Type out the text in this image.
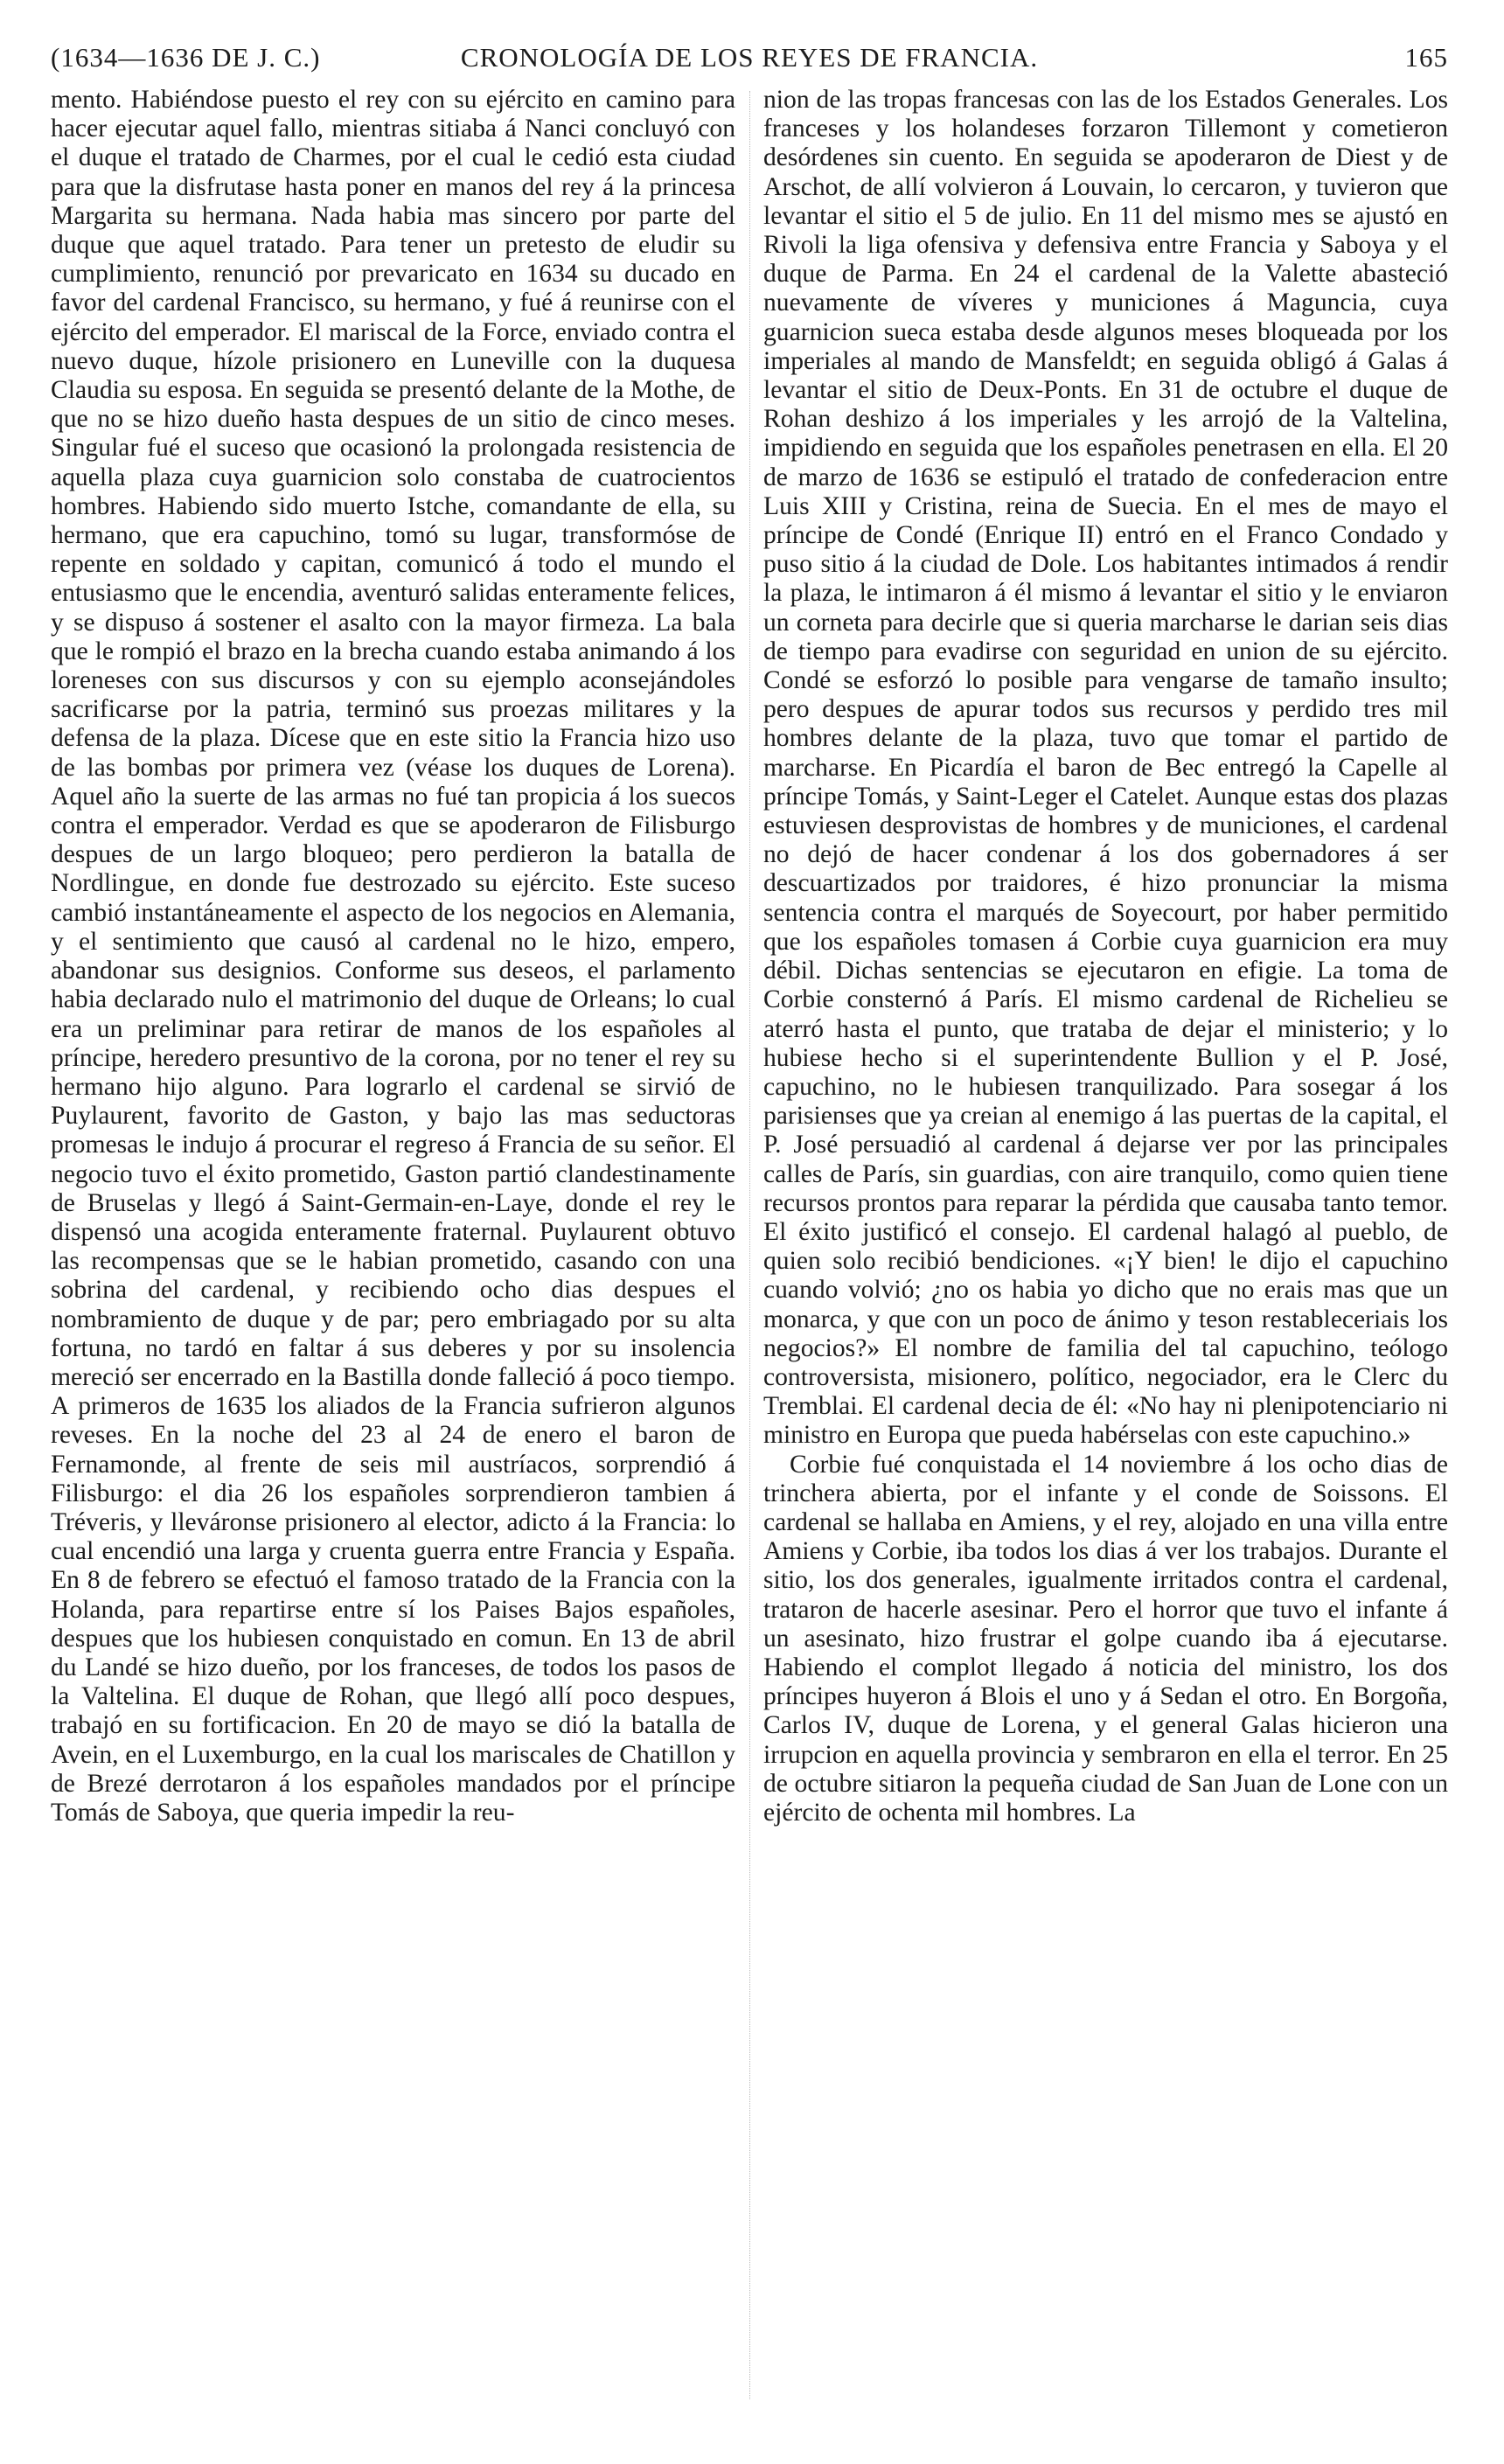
(1634—1636 DE J. C.)	CRONOLOGÍA DE LOS REYES DE FRANCIA.	165

mento. Habiéndose puesto el rey con su ejército en camino para hacer ejecutar aquel fallo, mientras sitiaba á Nanci concluyó con el duque el tratado de Charmes, por el cual le cedió esta ciudad para que la disfrutase hasta poner en manos del rey á la princesa Margarita su hermana. Nada habia mas sincero por parte del duque que aquel tratado. Para tener un pretesto de eludir su cumplimiento, renunció por prevaricato en 1634 su ducado en favor del cardenal Francisco, su hermano, y fué á reunirse con el ejército del emperador. El mariscal de la Force, enviado contra el nuevo duque, hízole prisionero en Luneville con la duquesa Claudia su esposa. En seguida se presentó delante de la Mothe, de que no se hizo dueño hasta despues de un sitio de cinco meses. Singular fué el suceso que ocasionó la prolongada resistencia de aquella plaza cuya guarnicion solo constaba de cuatrocientos hombres. Habiendo sido muerto Istche, comandante de ella, su hermano, que era capuchino, tomó su lugar, transformóse de repente en soldado y capitan, comunicó á todo el mundo el entusiasmo que le encendia, aventuró salidas enteramente felices, y se dispuso á sostener el asalto con la mayor firmeza. La bala que le rompió el brazo en la brecha cuando estaba animando á los loreneses con sus discursos y con su ejemplo aconsejándoles sacrificarse por la patria, terminó sus proezas militares y la defensa de la plaza. Dícese que en este sitio la Francia hizo uso de las bombas por primera vez (véase los duques de Lorena). Aquel año la suerte de las armas no fué tan propicia á los suecos contra el emperador. Verdad es que se apoderaron de Filisburgo despues de un largo bloqueo; pero perdieron la batalla de Nordlingue, en donde fue destrozado su ejército. Este suceso cambió instantáneamente el aspecto de los negocios en Alemania, y el sentimiento que causó al cardenal no le hizo, empero, abandonar sus designios. Conforme sus deseos, el parlamento habia declarado nulo el matrimonio del duque de Orleans; lo cual era un preliminar para retirar de manos de los españoles al príncipe, heredero presuntivo de la corona, por no tener el rey su hermano hijo alguno. Para lograrlo el cardenal se sirvió de Puylaurent, favorito de Gaston, y bajo las mas seductoras promesas le indujo á procurar el regreso á Francia de su señor. El negocio tuvo el éxito prometido, Gaston partió clandestinamente de Bruselas y llegó á Saint-Germain-en-Laye, donde el rey le dispensó una acogida enteramente fraternal. Puylaurent obtuvo las recompensas que se le habian prometido, casando con una sobrina del cardenal, y recibiendo ocho dias despues el nombramiento de duque y de par; pero embriagado por su alta fortuna, no tardó en faltar á sus deberes y por su insolencia mereció ser encerrado en la Bastilla donde falleció á poco tiempo. A primeros de 1635 los aliados de la Francia sufrieron algunos reveses. En la noche del 23 al 24 de enero el baron de Fernamonde, al frente de seis mil austríacos, sorprendió á Filisburgo: el dia 26 los españoles sorprendieron tambien á Tréveris, y lleváronse prisionero al elector, adicto á la Francia: lo cual encendió una larga y cruenta guerra entre Francia y España. En 8 de febrero se efectuó el famoso tratado de la Francia con la Holanda, para repartirse entre sí los Paises Bajos españoles, despues que los hubiesen conquistado en comun. En 13 de abril du Landé se hizo dueño, por los franceses, de todos los pasos de la Valtelina. El duque de Rohan, que llegó allí poco despues, trabajó en su fortificacion. En 20 de mayo se dió la batalla de Avein, en el Luxemburgo, en la cual los mariscales de Chatillon y de Brezé derrotaron á los españoles mandados por el príncipe Tomás de Saboya, que queria impedir la reu-

nion de las tropas francesas con las de los Estados Generales. Los franceses y los holandeses forzaron Tillemont y cometieron desórdenes sin cuento. En seguida se apoderaron de Diest y de Arschot, de allí volvieron á Louvain, lo cercaron, y tuvieron que levantar el sitio el 5 de julio. En 11 del mismo mes se ajustó en Rivoli la liga ofensiva y defensiva entre Francia y Saboya y el duque de Parma. En 24 el cardenal de la Valette abasteció nuevamente de víveres y municiones á Maguncia, cuya guarnicion sueca estaba desde algunos meses bloqueada por los imperiales al mando de Mansfeldt; en seguida obligó á Galas á levantar el sitio de Deux-Ponts. En 31 de octubre el duque de Rohan deshizo á los imperiales y les arrojó de la Valtelina, impidiendo en seguida que los españoles penetrasen en ella. El 20 de marzo de 1636 se estipuló el tratado de confederacion entre Luis XIII y Cristina, reina de Suecia. En el mes de mayo el príncipe de Condé (Enrique II) entró en el Franco Condado y puso sitio á la ciudad de Dole. Los habitantes intimados á rendir la plaza, le intimaron á él mismo á levantar el sitio y le enviaron un corneta para decirle que si queria marcharse le darian seis dias de tiempo para evadirse con seguridad en union de su ejército. Condé se esforzó lo posible para vengarse de tamaño insulto; pero despues de apurar todos sus recursos y perdido tres mil hombres delante de la plaza, tuvo que tomar el partido de marcharse. En Picardía el baron de Bec entregó la Capelle al príncipe Tomás, y Saint-Leger el Catelet. Aunque estas dos plazas estuviesen desprovistas de hombres y de municiones, el cardenal no dejó de hacer condenar á los dos gobernadores á ser descuartizados por traidores, é hizo pronunciar la misma sentencia contra el marqués de Soyecourt, por haber permitido que los españoles tomasen á Corbie cuya guarnicion era muy débil. Dichas sentencias se ejecutaron en efigie. La toma de Corbie consternó á París. El mismo cardenal de Richelieu se aterró hasta el punto, que trataba de dejar el ministerio; y lo hubiese hecho si el superintendente Bullion y el P. José, capuchino, no le hubiesen tranquilizado. Para sosegar á los parisienses que ya creian al enemigo á las puertas de la capital, el P. José persuadió al cardenal á dejarse ver por las principales calles de París, sin guardias, con aire tranquilo, como quien tiene recursos prontos para reparar la pérdida que causaba tanto temor. El éxito justificó el consejo. El cardenal halagó al pueblo, de quien solo recibió bendiciones. «¡Y bien! le dijo el capuchino cuando volvió; ¿no os habia yo dicho que no erais mas que un monarca, y que con un poco de ánimo y teson restableceriais los negocios?» El nombre de familia del tal capuchino, teólogo controversista, misionero, político, negociador, era le Clerc du Tremblai. El cardenal decia de él: «No hay ni plenipotenciario ni ministro en Europa que pueda habérselas con este capuchino.»

Corbie fué conquistada el 14 noviembre á los ocho dias de trinchera abierta, por el infante y el conde de Soissons. El cardenal se hallaba en Amiens, y el rey, alojado en una villa entre Amiens y Corbie, iba todos los dias á ver los trabajos. Durante el sitio, los dos generales, igualmente irritados contra el cardenal, trataron de hacerle asesinar. Pero el horror que tuvo el infante á un asesinato, hizo frustrar el golpe cuando iba á ejecutarse. Habiendo el complot llegado á noticia del ministro, los dos príncipes huyeron á Blois el uno y á Sedan el otro. En Borgoña, Carlos IV, duque de Lorena, y el general Galas hicieron una irrupcion en aquella provincia y sembraron en ella el terror. En 25 de octubre sitiaron la pequeña ciudad de San Juan de Lone con un ejército de ochenta mil hombres. La
